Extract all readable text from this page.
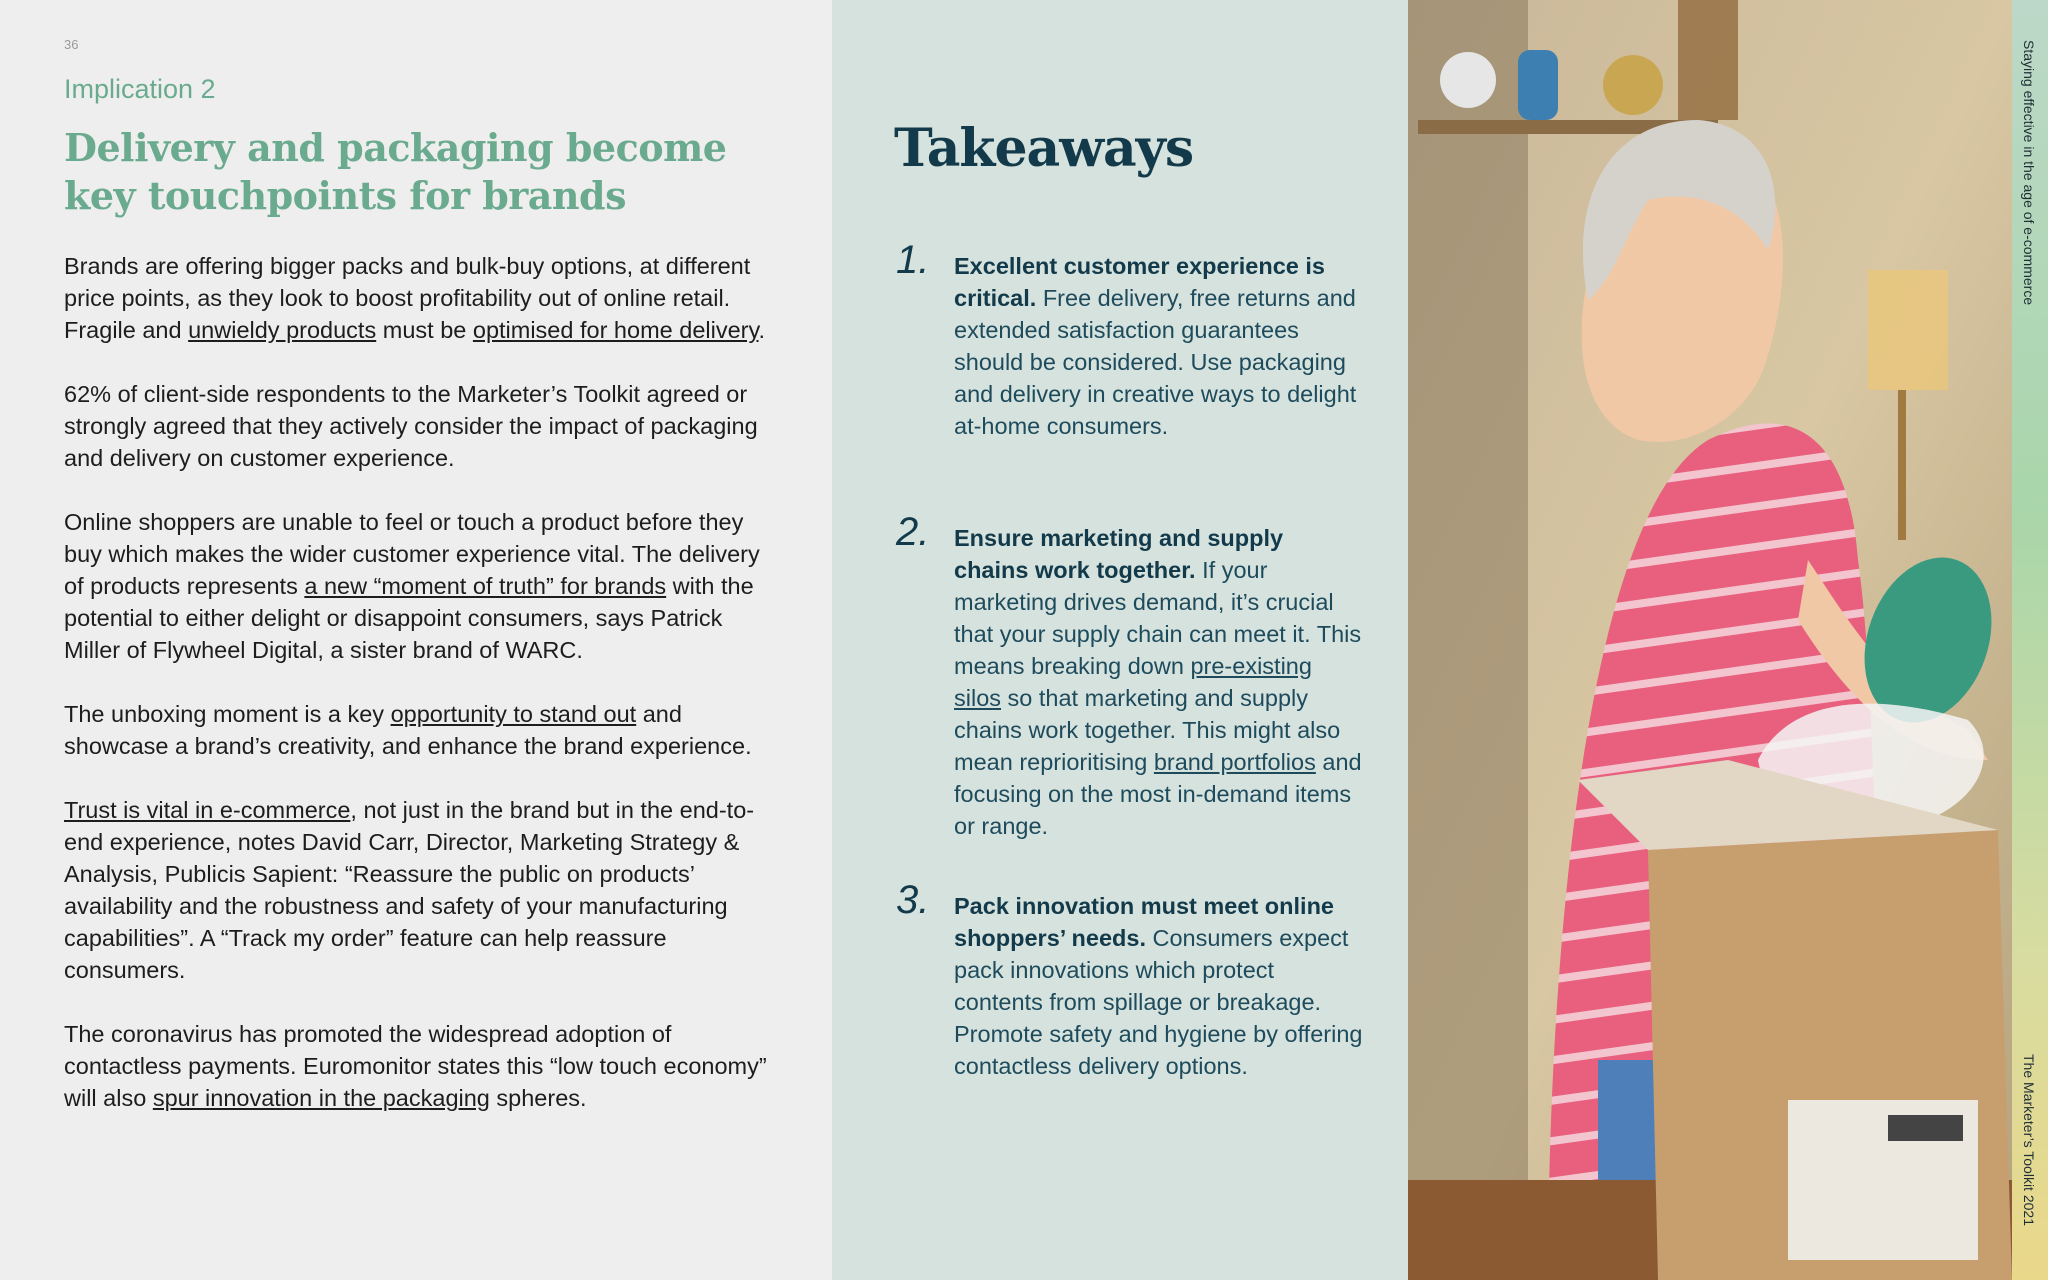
36
Implication 2
Delivery and packaging become key touchpoints for brands

Brands are offering bigger packs and bulk-buy options, at different price points, as they look to boost profitability out of online retail. Fragile and unwieldy products must be optimised for home delivery.

62% of client-side respondents to the Marketer’s Toolkit agreed or strongly agreed that they actively consider the impact of packaging and delivery on customer experience.

Online shoppers are unable to feel or touch a product before they buy which makes the wider customer experience vital. The delivery of products represents a new “moment of truth” for brands with the potential to either delight or disappoint consumers, says Patrick Miller of Flywheel Digital, a sister brand of WARC.

The unboxing moment is a key opportunity to stand out and showcase a brand’s creativity, and enhance the brand experience.

Trust is vital in e-commerce, not just in the brand but in the end-to-end experience, notes David Carr, Director, Marketing Strategy & Analysis, Publicis Sapient: “Reassure the public on products’ availability and the robustness and safety of your manufacturing capabilities”. A “Track my order” feature can help reassure consumers.

The coronavirus has promoted the widespread adoption of contactless payments. Euromonitor states this “low touch economy” will also spur innovation in the packaging spheres.

Takeaways
1. Excellent customer experience is critical. Free delivery, free returns and extended satisfaction guarantees should be considered. Use packaging and delivery in creative ways to delight at-home consumers.

2. Ensure marketing and supply chains work together. If your marketing drives demand, it’s crucial that your supply chain can meet it. This means breaking down pre-existing silos so that marketing and supply chains work together. This might also mean reprioritising brand portfolios and focusing on the most in-demand items or range.

3. Pack innovation must meet online shoppers’ needs. Consumers expect pack innovations which protect contents from spillage or breakage. Promote safety and hygiene by offering contactless delivery options.

Staying effective in the age of e-commerce
The Marketer’s Toolkit 2021
